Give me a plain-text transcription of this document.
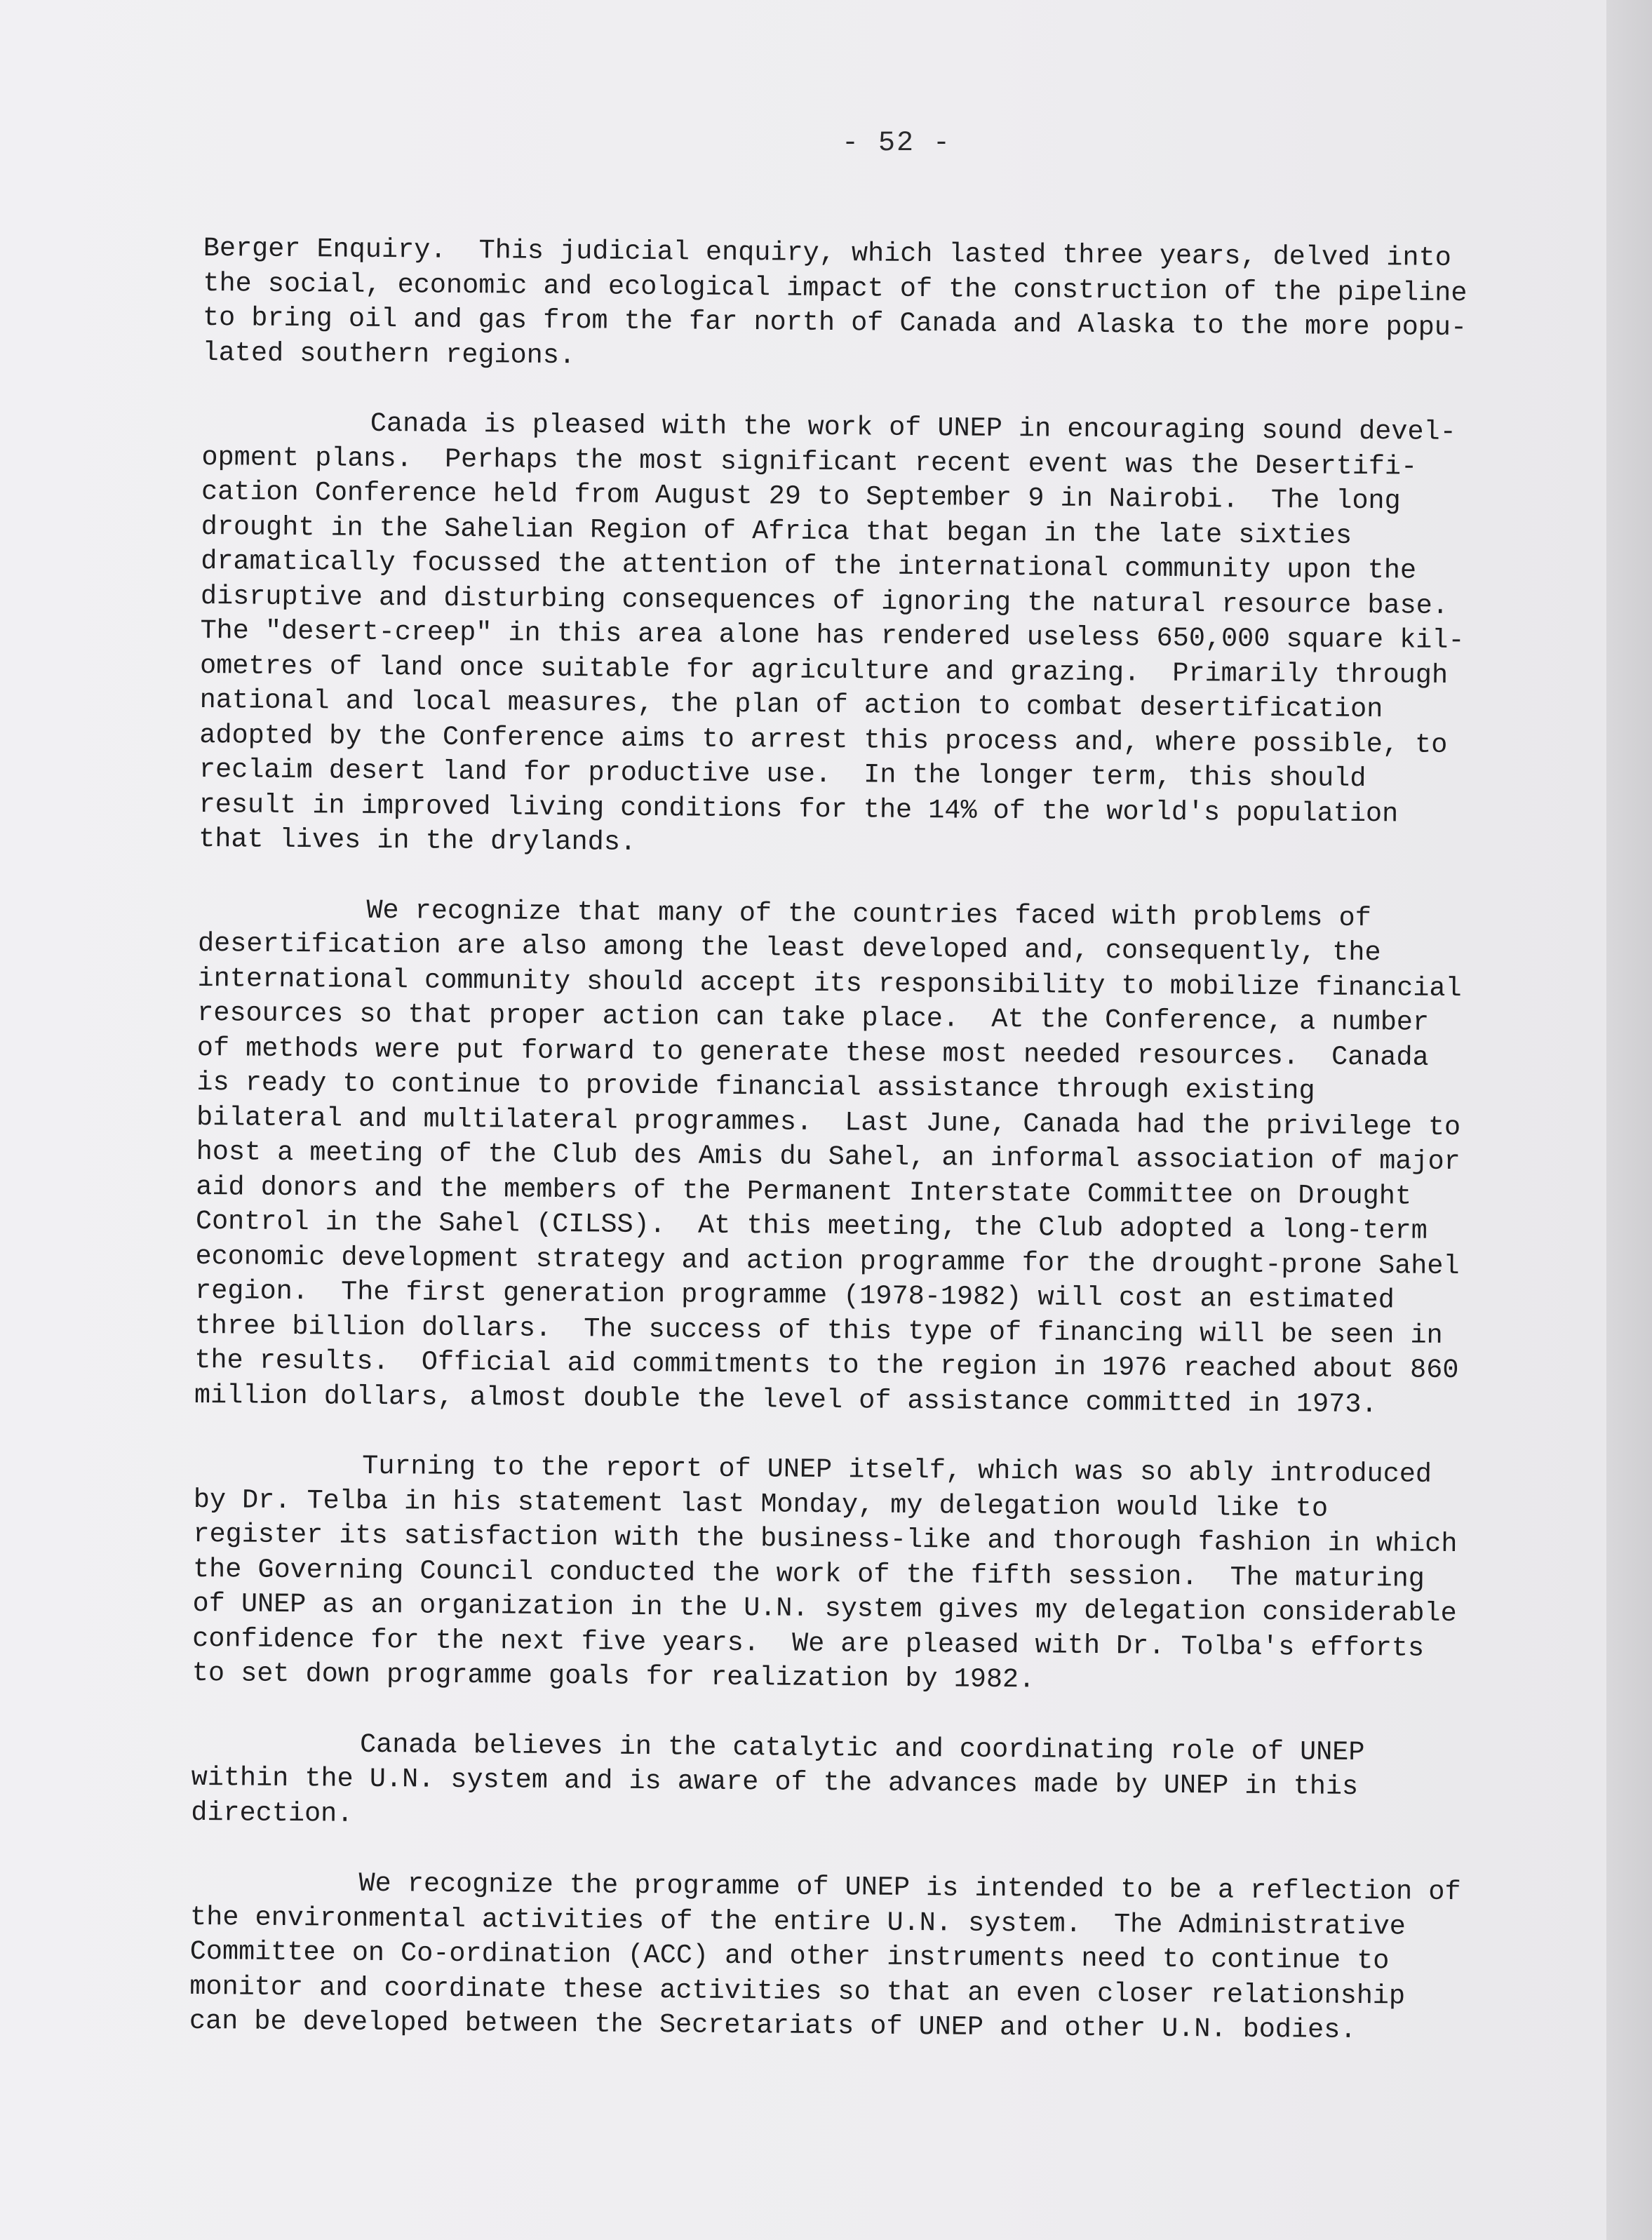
- 52 -
Berger Enquiry.  This judicial enquiry, which lasted three years, delved into
the social, economic and ecological impact of the construction of the pipeline
to bring oil and gas from the far north of Canada and Alaska to the more popu-
lated southern regions.
Canada is pleased with the work of UNEP in encouraging sound devel-
opment plans.  Perhaps the most significant recent event was the Desertifi-
cation Conference held from August 29 to September 9 in Nairobi.  The long
drought in the Sahelian Region of Africa that began in the late sixties
dramatically focussed the attention of the international community upon the
disruptive and disturbing consequences of ignoring the natural resource base.
The "desert-creep" in this area alone has rendered useless 650,000 square kil-
ometres of land once suitable for agriculture and grazing.  Primarily through
national and local measures, the plan of action to combat desertification
adopted by the Conference aims to arrest this process and, where possible, to
reclaim desert land for productive use.  In the longer term, this should
result in improved living conditions for the 14% of the world's population
that lives in the drylands.
We recognize that many of the countries faced with problems of
desertification are also among the least developed and, consequently, the
international community should accept its responsibility to mobilize financial
resources so that proper action can take place.  At the Conference, a number
of methods were put forward to generate these most needed resources.  Canada
is ready to continue to provide financial assistance through existing
bilateral and multilateral programmes.  Last June, Canada had the privilege to
host a meeting of the Club des Amis du Sahel, an informal association of major
aid donors and the members of the Permanent Interstate Committee on Drought
Control in the Sahel (CILSS).  At this meeting, the Club adopted a long-term
economic development strategy and action programme for the drought-prone Sahel
region.  The first generation programme (1978-1982) will cost an estimated
three billion dollars.  The success of this type of financing will be seen in
the results.  Official aid commitments to the region in 1976 reached about 860
million dollars, almost double the level of assistance committed in 1973.
Turning to the report of UNEP itself, which was so ably introduced
by Dr. Telba in his statement last Monday, my delegation would like to
register its satisfaction with the business-like and thorough fashion in which
the Governing Council conducted the work of the fifth session.  The maturing
of UNEP as an organization in the U.N. system gives my delegation considerable
confidence for the next five years.  We are pleased with Dr. Tolba's efforts
to set down programme goals for realization by 1982.
Canada believes in the catalytic and coordinating role of UNEP
within the U.N. system and is aware of the advances made by UNEP in this
direction.
We recognize the programme of UNEP is intended to be a reflection of
the environmental activities of the entire U.N. system.  The Administrative
Committee on Co-ordination (ACC) and other instruments need to continue to
monitor and coordinate these activities so that an even closer relationship
can be developed between the Secretariats of UNEP and other U.N. bodies.
